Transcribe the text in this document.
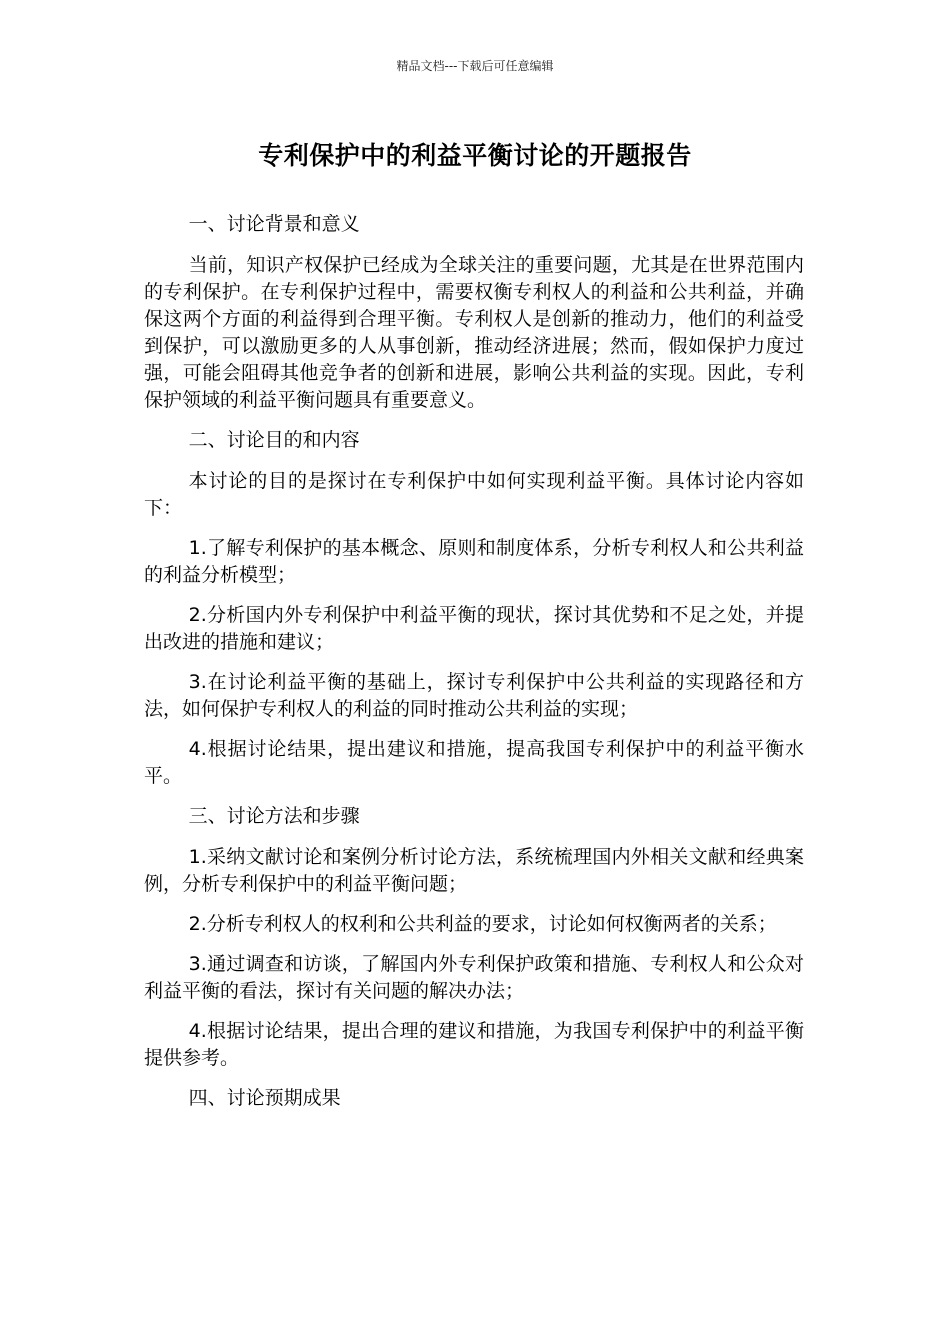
精品文档---下载后可任意编辑
专利保护中的利益平衡讨论的开题报告

一、讨论背景和意义

当前，知识产权保护已经成为全球关注的重要问题，尤其是在世界范围内的专利保护。在专利保护过程中，需要权衡专利权人的利益和公共利益，并确保这两个方面的利益得到合理平衡。专利权人是创新的推动力，他们的利益受到保护，可以激励更多的人从事创新，推动经济进展；然而，假如保护力度过强，可能会阻碍其他竞争者的创新和进展，影响公共利益的实现。因此，专利保护领域的利益平衡问题具有重要意义。

二、讨论目的和内容

本讨论的目的是探讨在专利保护中如何实现利益平衡。具体讨论内容如下：

1.了解专利保护的基本概念、原则和制度体系，分析专利权人和公共利益的利益分析模型；

2.分析国内外专利保护中利益平衡的现状，探讨其优势和不足之处，并提出改进的措施和建议；

3.在讨论利益平衡的基础上，探讨专利保护中公共利益的实现路径和方法，如何保护专利权人的利益的同时推动公共利益的实现；

4.根据讨论结果，提出建议和措施，提高我国专利保护中的利益平衡水平。

三、讨论方法和步骤

1.采纳文献讨论和案例分析讨论方法，系统梳理国内外相关文献和经典案例，分析专利保护中的利益平衡问题；

2.分析专利权人的权利和公共利益的要求，讨论如何权衡两者的关系；

3.通过调查和访谈，了解国内外专利保护政策和措施、专利权人和公众对利益平衡的看法，探讨有关问题的解决办法；

4.根据讨论结果，提出合理的建议和措施，为我国专利保护中的利益平衡提供参考。

四、讨论预期成果
